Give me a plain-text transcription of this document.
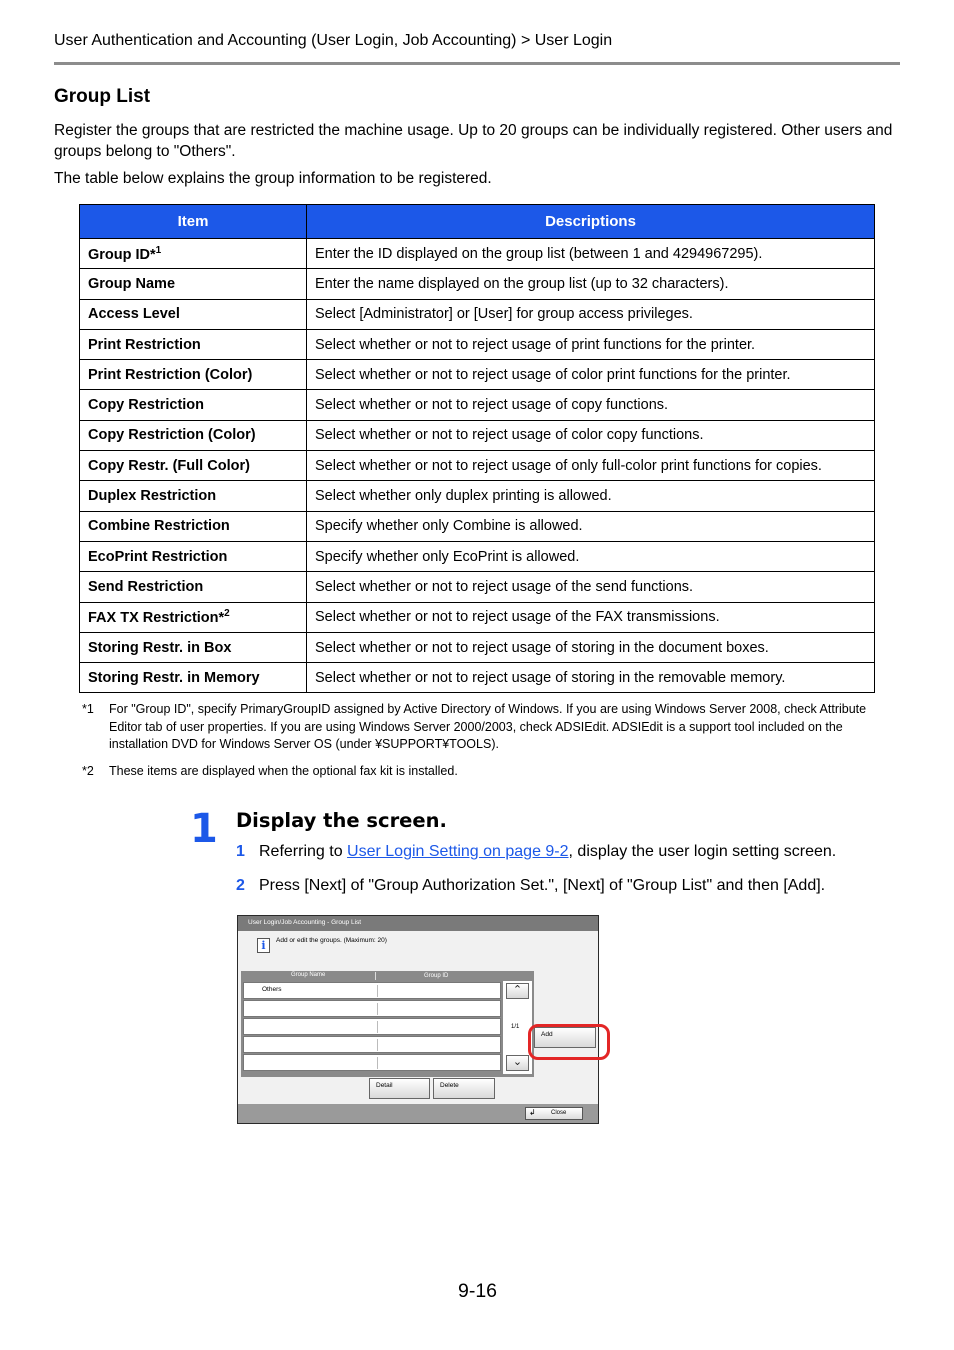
User Authentication and Accounting (User Login, Job Accounting) > User Login
Group List
Register the groups that are restricted the machine usage. Up to 20 groups can be individually registered. Other users and groups belong to "Others".
The table below explains the group information to be registered.
Item	Descriptions
Group ID*$^1$	Enter the ID displayed on the group list (between 1 and 4294967295).
Group Name	Enter the name displayed on the group list (up to 32 characters).
Access Level	Select [Administrator] or [User] for group access privileges.
Print Restriction	Select whether or not to reject usage of print functions for the printer.
Print Restriction (Color)	Select whether or not to reject usage of color print functions for the printer.
Copy Restriction	Select whether or not to reject usage of copy functions.
Copy Restriction (Color)	Select whether or not to reject usage of color copy functions.
Copy Restr. (Full Color)	Select whether or not to reject usage of only full-color print functions for copies.
Duplex Restriction	Select whether only duplex printing is allowed.
Combine Restriction	Specify whether only Combine is allowed.
EcoPrint Restriction	Specify whether only EcoPrint is allowed.
Send Restriction	Select whether or not to reject usage of the send functions.
FAX TX Restriction*$^2$	Select whether or not to reject usage of the FAX transmissions.
Storing Restr. in Box	Select whether or not to reject usage of storing in the document boxes.
Storing Restr. in Memory	Select whether or not to reject usage of storing in the removable memory.
*1 For "Group ID", specify PrimaryGroupID assigned by Active Directory of Windows. If you are using Windows Server 2008, check Attribute Editor tab of user properties. If you are using Windows Server 2000/2003, check ADSIEdit. ADSIEdit is a support tool included on the installation DVD for Windows Server OS (under ¥SUPPORT¥TOOLS).
*2 These items are displayed when the optional fax kit is installed.
1 Display the screen.
1 Referring to User Login Setting on page 9-2, display the user login setting screen.
2 Press [Next] of "Group Authorization Set.", [Next] of "Group List" and then [Add].
User Login/Job Accounting - Group List
i	Add or edit the groups. (Maximum: 20)
Group Name	Group ID
Others	⌃
1/1
⌄
Add
Detail	Delete
↲	Close
9-16
